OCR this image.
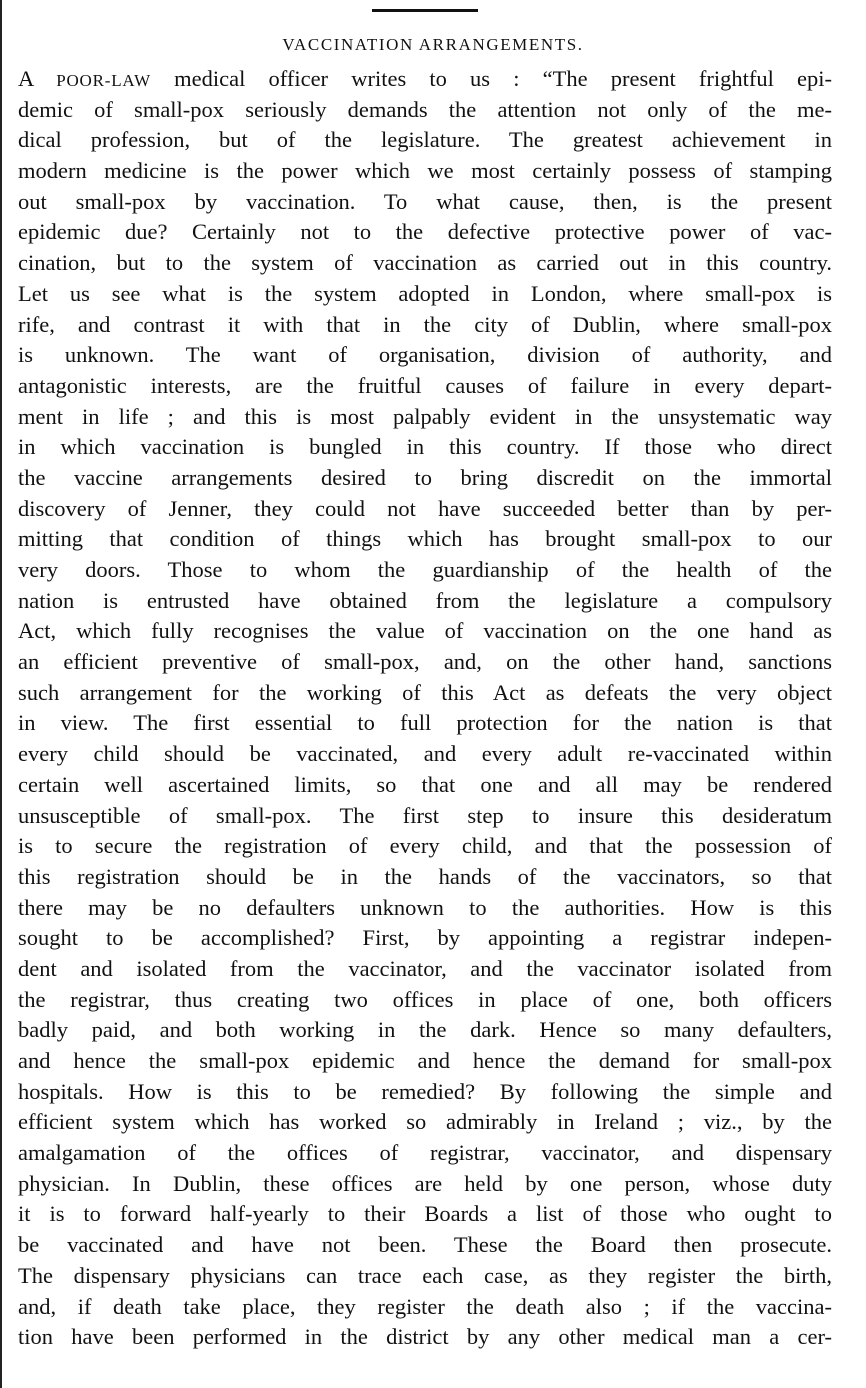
VACCINATION ARRANGEMENTS.
A POOR-LAW medical officer writes to us : “The present frightful epi-
demic of small-pox seriously demands the attention not only of the me-
dical profession, but of the legislature. The greatest achievement in
modern medicine is the power which we most certainly possess of stamping
out small-pox by vaccination. To what cause, then, is the present
epidemic due? Certainly not to the defective protective power of vac-
cination, but to the system of vaccination as carried out in this country.
Let us see what is the system adopted in London, where small-pox is
rife, and contrast it with that in the city of Dublin, where small-pox
is unknown. The want of organisation, division of authority, and
antagonistic interests, are the fruitful causes of failure in every depart-
ment in life ; and this is most palpably evident in the unsystematic way
in which vaccination is bungled in this country. If those who direct
the vaccine arrangements desired to bring discredit on the immortal
discovery of Jenner, they could not have succeeded better than by per-
mitting that condition of things which has brought small-pox to our
very doors. Those to whom the guardianship of the health of the
nation is entrusted have obtained from the legislature a compulsory
Act, which fully recognises the value of vaccination on the one hand as
an efficient preventive of small-pox, and, on the other hand, sanctions
such arrangement for the working of this Act as defeats the very object
in view. The first essential to full protection for the nation is that
every child should be vaccinated, and every adult re-vaccinated within
certain well ascertained limits, so that one and all may be rendered
unsusceptible of small-pox. The first step to insure this desideratum
is to secure the registration of every child, and that the possession of
this registration should be in the hands of the vaccinators, so that
there may be no defaulters unknown to the authorities. How is this
sought to be accomplished? First, by appointing a registrar indepen-
dent and isolated from the vaccinator, and the vaccinator isolated from
the registrar, thus creating two offices in place of one, both officers
badly paid, and both working in the dark. Hence so many defaulters,
and hence the small-pox epidemic and hence the demand for small-pox
hospitals. How is this to be remedied? By following the simple and
efficient system which has worked so admirably in Ireland ; viz., by the
amalgamation of the offices of registrar, vaccinator, and dispensary
physician. In Dublin, these offices are held by one person, whose duty
it is to forward half-yearly to their Boards a list of those who ought to
be vaccinated and have not been. These the Board then prosecute.
The dispensary physicians can trace each case, as they register the birth,
and, if death take place, they register the death also ; if the vaccina-
tion have been performed in the district by any other medical man a cer-
